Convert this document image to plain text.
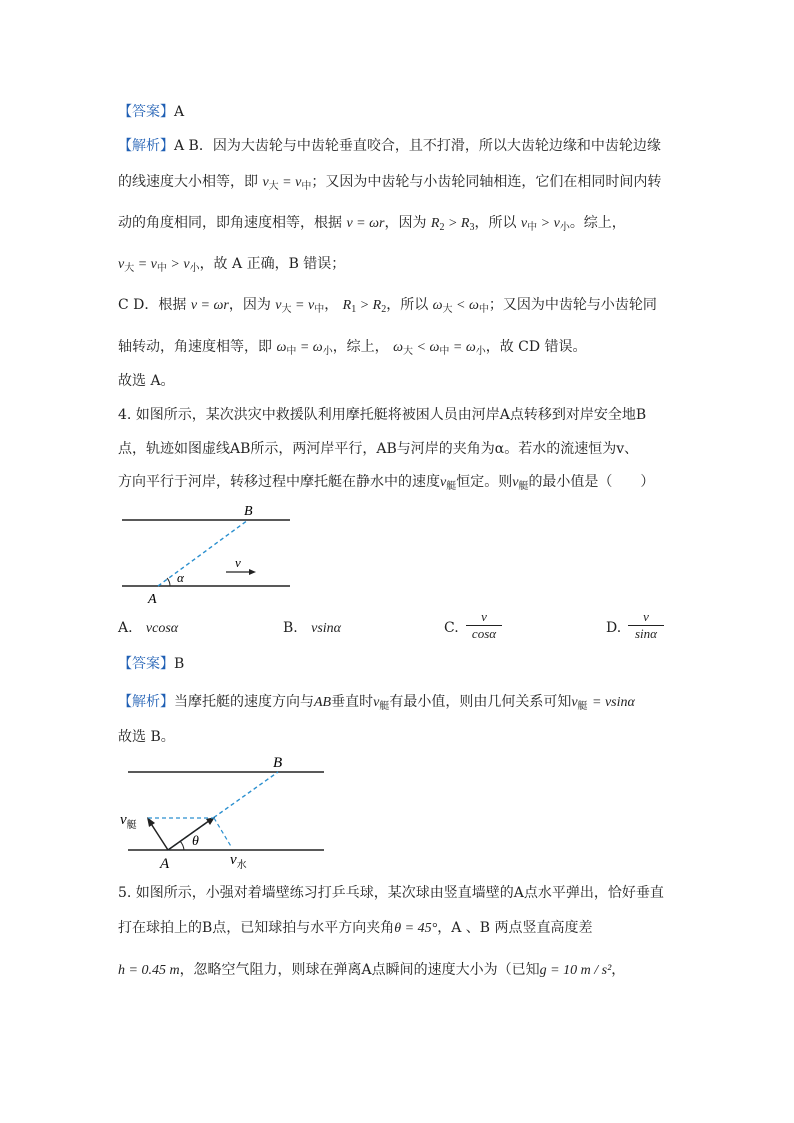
【答案】A
【解析】A B．因为大齿轮与中齿轮垂直咬合，且不打滑，所以大齿轮边缘和中齿轮边缘
的线速度大小相等，即 $v_大 = v_中$；又因为中齿轮与小齿轮同轴相连，它们在相同时间内转
动的角度相同，即角速度相等，根据 v = ωr，因为 $R_2 > R_3$，所以 $v_中 > v_小$。综上，
$v_大 = v_中 > v_小$，故 A 正确，B 错误；
C D．根据 v = ωr，因为 $v_大 = v_中$， $R_1 > R_2$，所以 $\omega_大 < \omega_中$；又因为中齿轮与小齿轮同
轴转动，角速度相等，即 $\omega_中 = \omega_小$，综上， $\omega_大 < \omega_中 = \omega_小$，故 CD 错误。
故选 A。
4. 如图所示，某次洪灾中救援队利用摩托艇将被困人员由河岸A点转移到对岸安全地B
点，轨迹如图虚线AB所示，两河岸平行，AB与河岸的夹角为α。若水的流速恒为v、
方向平行于河岸，转移过程中摩托艇在静水中的速度$v_艇$恒定。则$v_艇$的最小值是（　　）
B
A
α
v
A. vcosα	B. vsinα	C.
v
cosα	D.
v
sinα
【答案】B
【解析】当摩托艇的速度方向与AB垂直时$v_艇$有最小值，则由几何关系可知$v_艇 = vsin\alpha$
故选 B。
B
A
θ
$v_艇$
$v_水$
5. 如图所示，小强对着墙壁练习打乒乓球，某次球由竖直墙壁的A点水平弹出，恰好垂直
打在球拍上的B点，已知球拍与水平方向夹角θ = 45°，A 、B 两点竖直高度差
h = 0.45 m，忽略空气阻力，则球在弹离A点瞬间的速度大小为（已知g = 10 m / s²，
